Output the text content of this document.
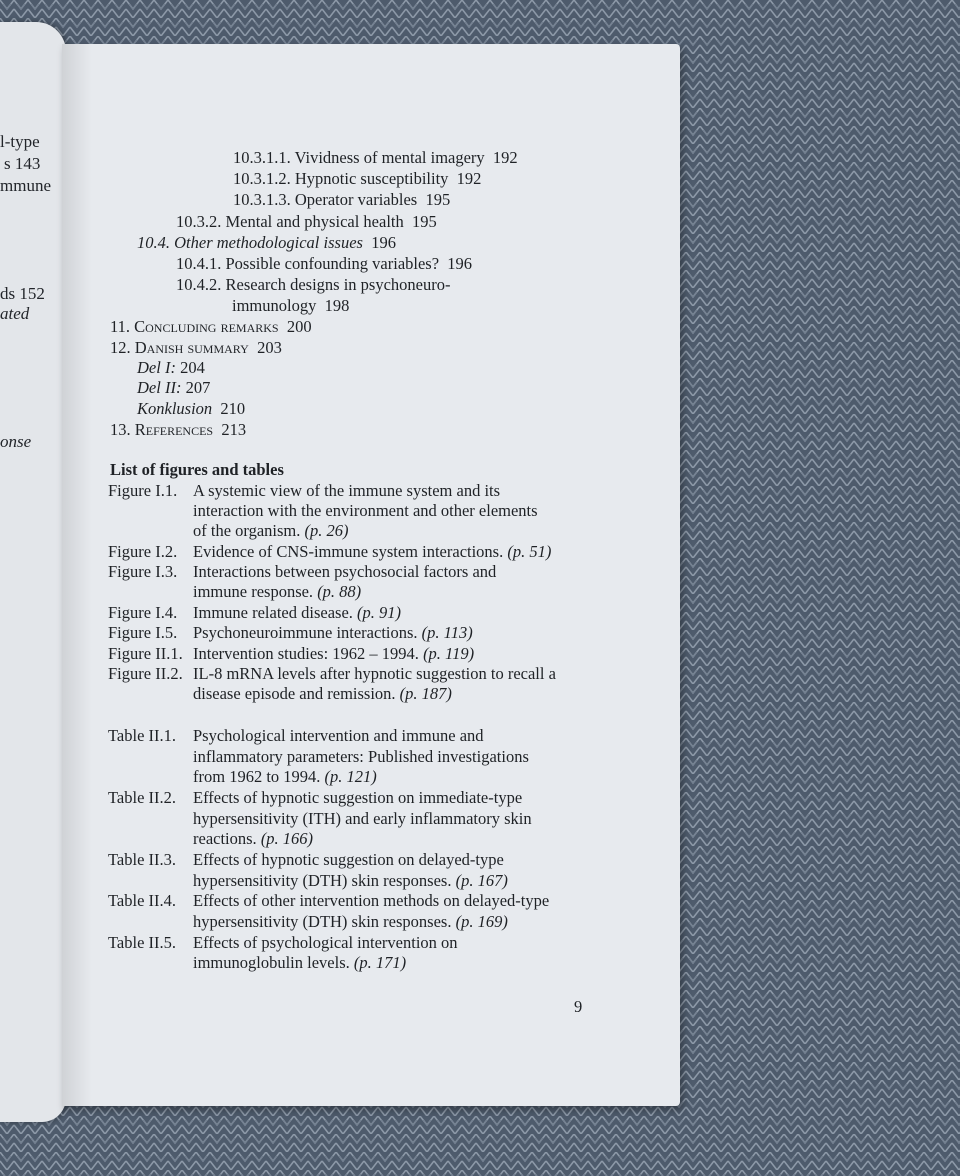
l-type
s 143
mmune
ds 152
ated
onse
10.3.1.1. Vividness of mental imagery 192
10.3.1.2. Hypnotic susceptibility 192
10.3.1.3. Operator variables 195
10.3.2. Mental and physical health 195
10.4. Other methodological issues 196
10.4.1. Possible confounding variables? 196
10.4.2. Research designs in psychoneuro-
immunology 198
11. Concluding remarks 200
12. Danish summary 203
Del I: 204
Del II: 207
Konklusion 210
13. References 213
List of figures and tables
Figure I.1. A systemic view of the immune system and its
interaction with the environment and other elements
of the organism. (p. 26)
Figure I.2. Evidence of CNS-immune system interactions. (p. 51)
Figure I.3. Interactions between psychosocial factors and
immune response. (p. 88)
Figure I.4. Immune related disease. (p. 91)
Figure I.5. Psychoneuroimmune interactions. (p. 113)
Figure II.1. Intervention studies: 1962 – 1994. (p. 119)
Figure II.2. IL-8 mRNA levels after hypnotic suggestion to recall a
disease episode and remission. (p. 187)
Table II.1. Psychological intervention and immune and
inflammatory parameters: Published investigations
from 1962 to 1994. (p. 121)
Table II.2. Effects of hypnotic suggestion on immediate-type
hypersensitivity (ITH) and early inflammatory skin
reactions. (p. 166)
Table II.3. Effects of hypnotic suggestion on delayed-type
hypersensitivity (DTH) skin responses. (p. 167)
Table II.4. Effects of other intervention methods on delayed-type
hypersensitivity (DTH) skin responses. (p. 169)
Table II.5. Effects of psychological intervention on
immunoglobulin levels. (p. 171)
9
